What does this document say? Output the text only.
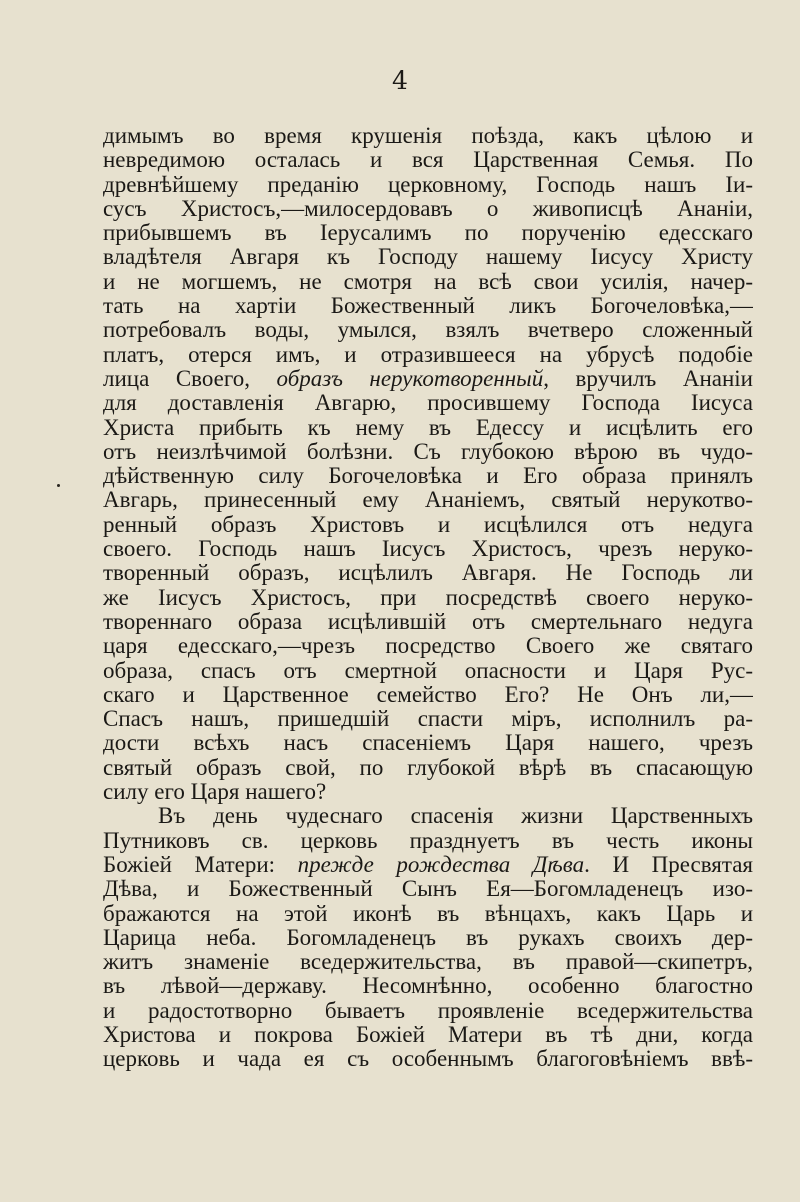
4
димымъ во время крушенія поѣзда, какъ цѣлою и
невредимою осталась и вся Царственная Семья. По
древнѣйшему преданію церковному, Господь нашъ Іи-
сусъ Христосъ,—милосердовавъ о живописцѣ Ананіи,
прибывшемъ въ Іерусалимъ по порученію едесскаго
владѣтеля Авгаря къ Господу нашему Іисусу Христу
и не могшемъ, не смотря на всѣ свои усилія, начер-
тать на хартіи Божественный ликъ Богочеловѣка,—
потребовалъ воды, умылся, взялъ вчетверо сложенный
платъ, отерся имъ, и отразившееся на убрусѣ подобіе
лица Своего, образъ нерукотворенный, вручилъ Ананіи
для доставленія Авгарю, просившему Господа Іисуса
Христа прибыть къ нему въ Едессу и исцѣлить его
отъ неизлѣчимой болѣзни. Съ глубокою вѣрою въ чудо-
дѣйственную силу Богочеловѣка и Его образа принялъ
Авгарь, принесенный ему Ананіемъ, святый нерукотво-
ренный образъ Христовъ и исцѣлился отъ недуга
своего. Господь нашъ Іисусъ Христосъ, чрезъ неруко-
творенный образъ, исцѣлилъ Авгаря. Не Господь ли
же Іисусъ Христосъ, при посредствѣ своего неруко-
твореннаго образа исцѣлившій отъ смертельнаго недуга
царя едесскаго,—чрезъ посредство Своего же святаго
образа, спасъ отъ смертной опасности и Царя Рус-
скаго и Царственное семейство Его? Не Онъ ли,—
Спасъ нашъ, пришедшій спасти міръ, исполнилъ ра-
дости всѣхъ насъ спасеніемъ Царя нашего, чрезъ
святый образъ свой, по глубокой вѣрѣ въ спасающую
силу его Царя нашего?
Въ день чудеснаго спасенія жизни Царственныхъ
Путниковъ св. церковь празднуетъ въ честь иконы
Божіей Матери: прежде рождества Дѣва. И Пресвятая
Дѣва, и Божественный Сынъ Ея—Богомладенецъ изо-
бражаются на этой иконѣ въ вѣнцахъ, какъ Царь и
Царица неба. Богомладенецъ въ рукахъ своихъ дер-
житъ знаменіе вседержительства, въ правой—скипетръ,
въ лѣвой—державу. Несомнѣнно, особенно благостно
и радостотворно бываетъ проявленіе вседержительства
Христова и покрова Божіей Матери въ тѣ дни, когда
церковь и чада ея съ особеннымъ благоговѣніемъ ввѣ-
